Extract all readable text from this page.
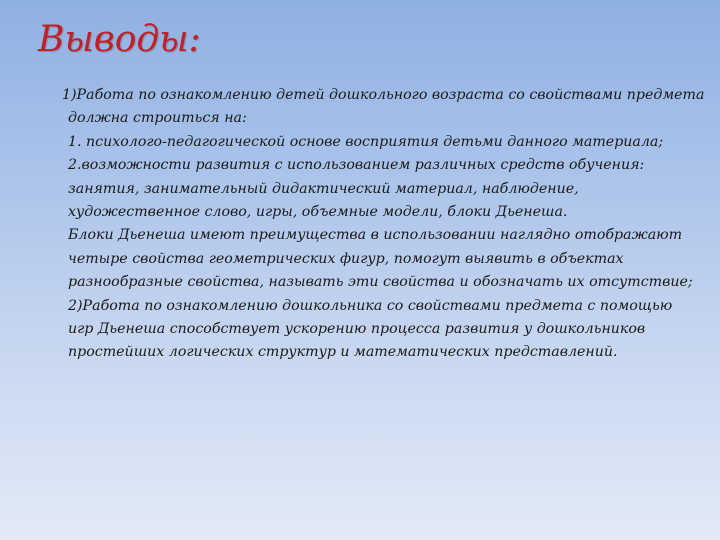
Выводы:
1)Работа по ознакомлению детей дошкольного возраста со свойствами предмета
должна строиться на:
1. психолого-педагогической основе восприятия детьми данного материала;
2.возможности развития с использованием различных средств обучения:
занятия, занимательный дидактический материал, наблюдение,
художественное слово, игры, объемные модели, блоки Дьенеша.
Блоки Дьенеша имеют преимущества в использовании наглядно отображают
четыре свойства геометрических фигур, помогут выявить в объектах
разнообразные свойства, называть эти свойства и обозначать их отсутствие;
2)Работа по ознакомлению дошкольника со свойствами предмета с помощью
игр Дьенеша способствует ускорению процесса развития у дошкольников
простейших логических структур и математических представлений.
